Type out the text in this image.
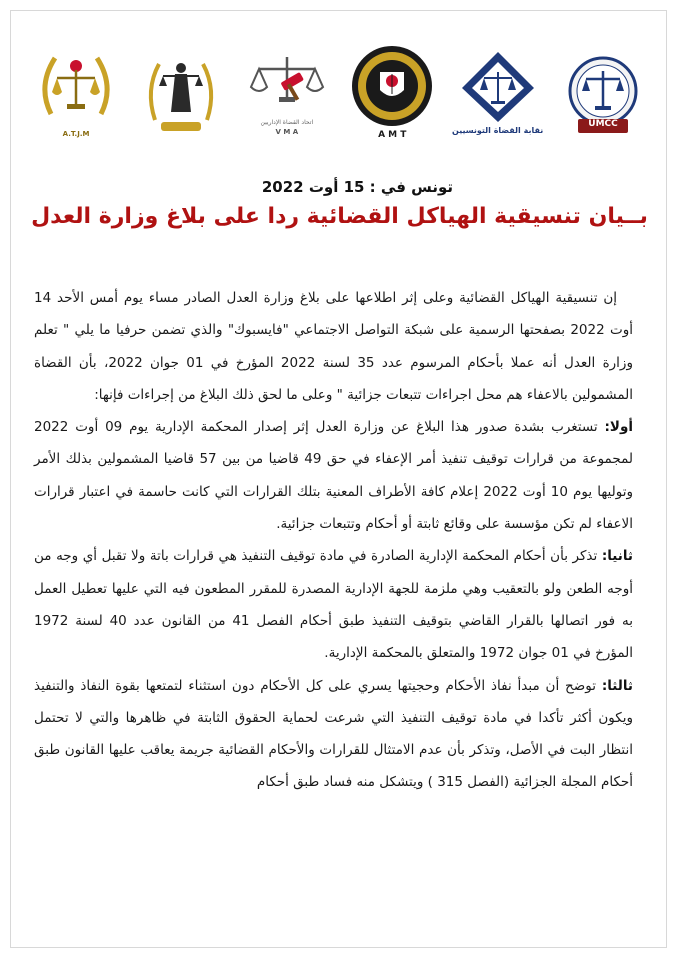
UMCC
نقابة القضاة التونسيين
A M T
اتحاد القضاة الإداريين
V M A
A.T.J.M
تونس في : 15 أوت 2022
بــيان تنسيقية الهياكل القضائية ردا على بلاغ وزارة العدل

إن تنسيقية الهياكل القضائية وعلى إثر اطلاعها على بلاغ وزارة العدل الصادر مساء يوم أمس الأحد 14 أوت 2022 بصفحتها الرسمية على شبكة التواصل الاجتماعي "فايسبوك" والذي تضمن حرفيا ما يلي " تعلم وزارة العدل أنه عملا بأحكام المرسوم عدد 35 لسنة 2022 المؤرخ في 01 جوان 2022، بأن القضاة المشمولين بالاعفاء هم محل اجراءات تتبعات جزائية " وعلى ما لحق ذلك البلاغ من إجراءات فإنها:

أولا: تستغرب بشدة صدور هذا البلاغ عن وزارة العدل إثر إصدار المحكمة الإدارية يوم 09 أوت 2022 لمجموعة من قرارات توقيف تنفيذ أمر الإعفاء في حق 49 قاضيا من بين 57 قاضيا المشمولين بذلك الأمر وتوليها يوم 10 أوت 2022 إعلام كافة الأطراف المعنية بتلك القرارات التي كانت حاسمة في اعتبار قرارات الاعفاء لم تكن مؤسسة على وقائع ثابتة أو أحكام وتتبعات جزائية.

ثانيا: تذكر بأن أحكام المحكمة الإدارية الصادرة في مادة توقيف التنفيذ هي قرارات باتة ولا تقبل أي وجه من أوجه الطعن ولو بالتعقيب وهي ملزمة للجهة الإدارية المصدرة للمقرر المطعون فيه التي عليها تعطيل العمل به فور اتصالها بالقرار القاضي بتوقيف التنفيذ طبق أحكام الفصل 41 من القانون عدد 40 لسنة 1972 المؤرخ في 01 جوان 1972 والمتعلق بالمحكمة الإدارية.

ثالثا: توضح أن مبدأ نفاذ الأحكام وحجيتها يسري على كل الأحكام دون استثناء لتمتعها بقوة النفاذ والتنفيذ ويكون أكثر تأكدا في مادة توقيف التنفيذ التي شرعت لحماية الحقوق الثابتة في ظاهرها والتي لا تحتمل انتظار البت في الأصل، وتذكر بأن عدم الامتثال للقرارات والأحكام القضائية جريمة يعاقب عليها القانون طبق أحكام المجلة الجزائية (الفصل 315 ) ويتشكل منه فساد طبق أحكام
